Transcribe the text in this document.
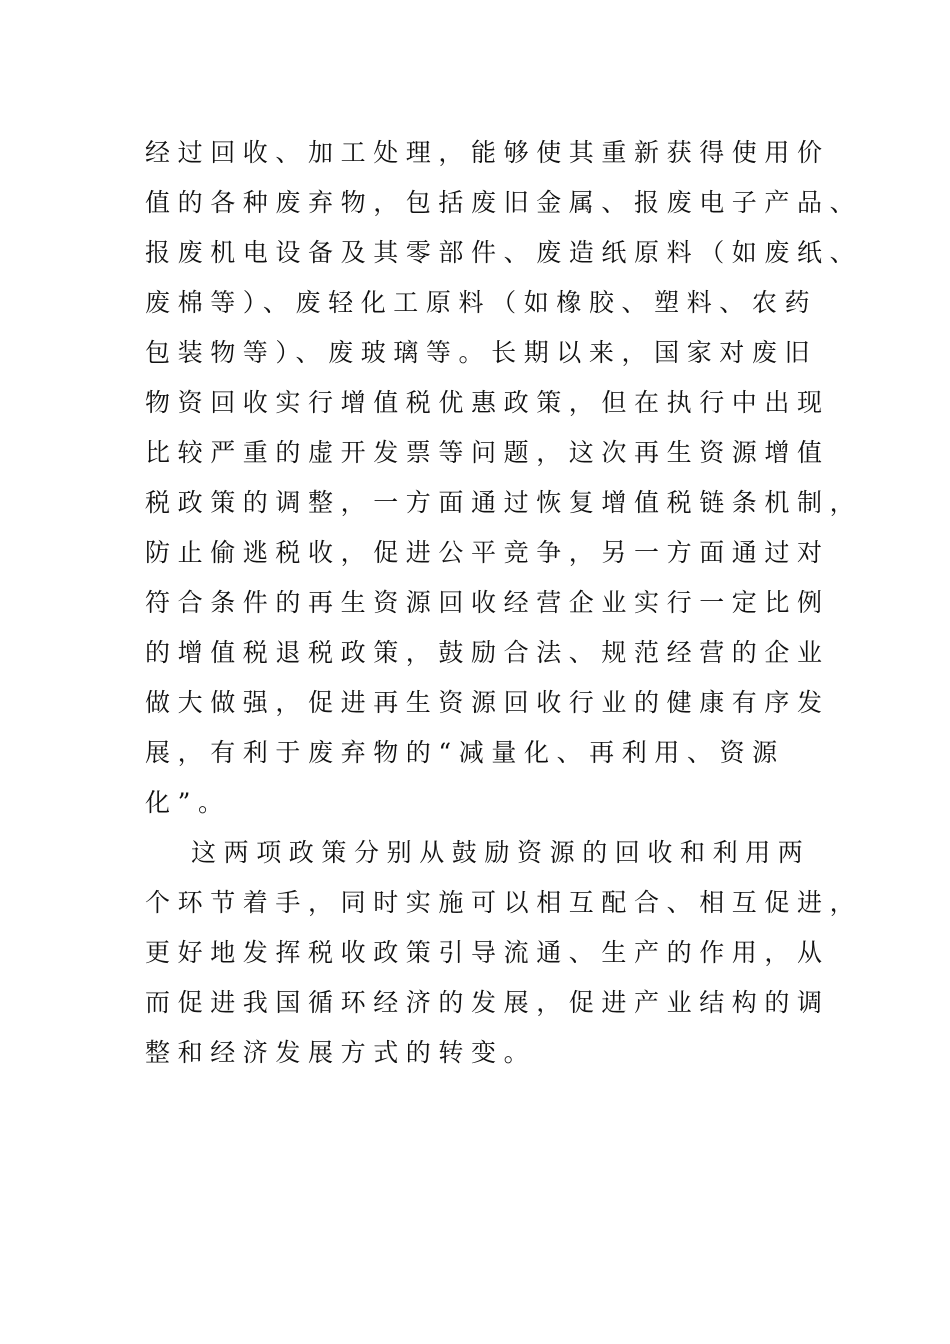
经过回收、加工处理，能够使其重新获得使用价
值的各种废弃物，包括废旧金属、报废电子产品、
报废机电设备及其零部件、废造纸原料（如废纸、
废棉等）、废轻化工原料（如橡胶、塑料、农药
包装物等）、废玻璃等。长期以来，国家对废旧
物资回收实行增值税优惠政策，但在执行中出现
比较严重的虚开发票等问题，这次再生资源增值
税政策的调整，一方面通过恢复增值税链条机制，
防止偷逃税收，促进公平竞争，另一方面通过对
符合条件的再生资源回收经营企业实行一定比例
的增值税退税政策，鼓励合法、规范经营的企业
做大做强，促进再生资源回收行业的健康有序发
展，有利于废弃物的“减量化、再利用、资源
化”。
这两项政策分别从鼓励资源的回收和利用两
个环节着手，同时实施可以相互配合、相互促进，
更好地发挥税收政策引导流通、生产的作用，从
而促进我国循环经济的发展，促进产业结构的调
整和经济发展方式的转变。
